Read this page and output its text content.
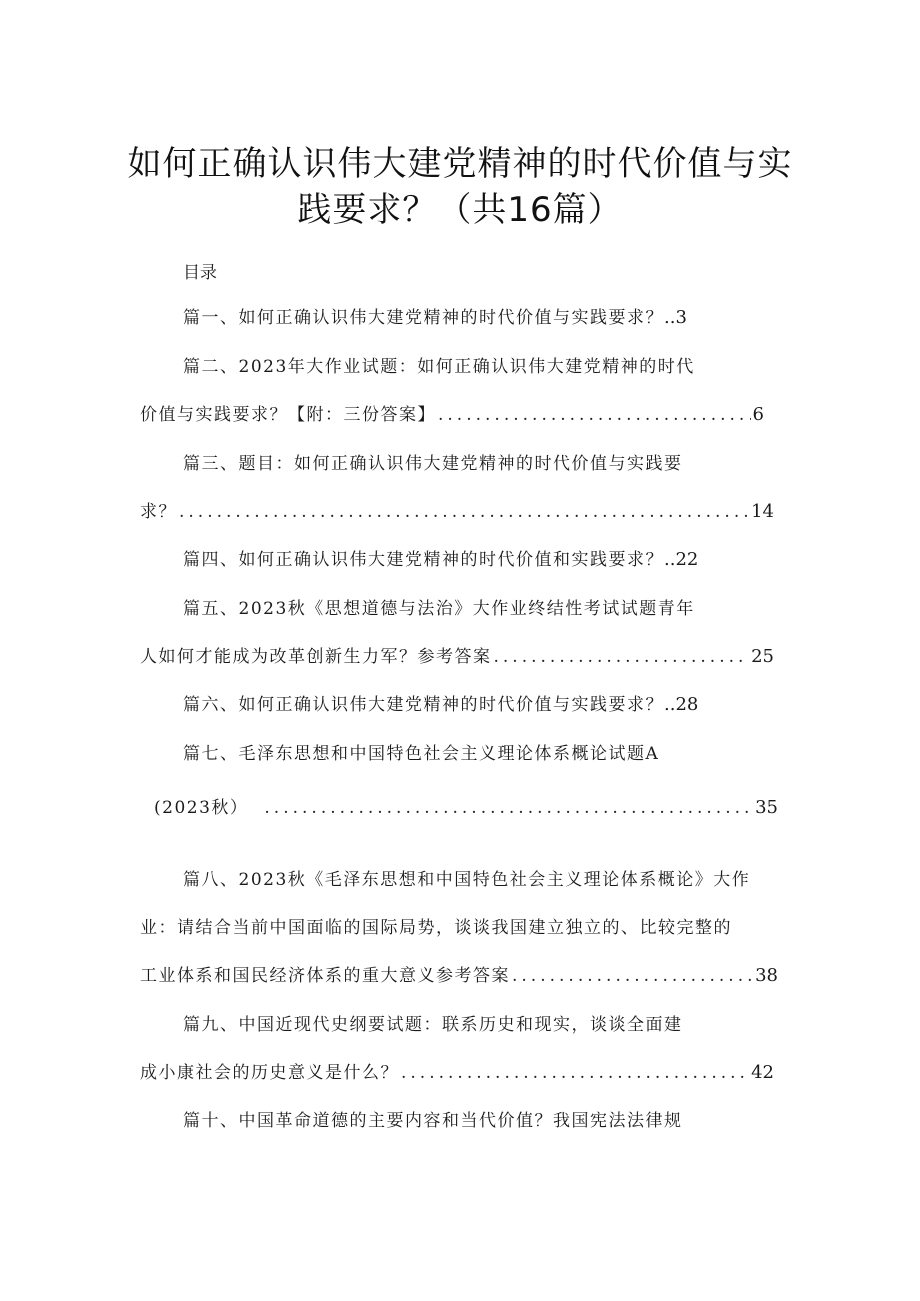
如何正确认识伟大建党精神的时代价值与实
践要求？（共16篇）
目录
篇一、如何正确认识伟大建党精神的时代价值与实践要求？ .. 3
篇二、2023年大作业试题：如何正确认识伟大建党精神的时代
价值与实践要求？【附：三份答案】 .....	6
篇三、题目：如何正确认识伟大建党精神的时代价值与实践要
求？ .....	14
篇四、如何正确认识伟大建党精神的时代价值和实践要求？ .. 22
篇五、2023秋《思想道德与法治》大作业终结性考试试题青年
人如何才能成为改革创新生力军？参考答案 .....	25
篇六、如何正确认识伟大建党精神的时代价值与实践要求？ .. 28
篇七、毛泽东思想和中国特色社会主义理论体系概论试题A
(2023秋） .....	35
篇八、2023秋《毛泽东思想和中国特色社会主义理论体系概论》大作
业：请结合当前中国面临的国际局势，谈谈我国建立独立的、比较完整的
工业体系和国民经济体系的重大意义参考答案 .....	38
篇九、中国近现代史纲要试题：联系历史和现实，谈谈全面建
成小康社会的历史意义是什么？ .....	42
篇十、中国革命道德的主要内容和当代价值？我国宪法法律规
